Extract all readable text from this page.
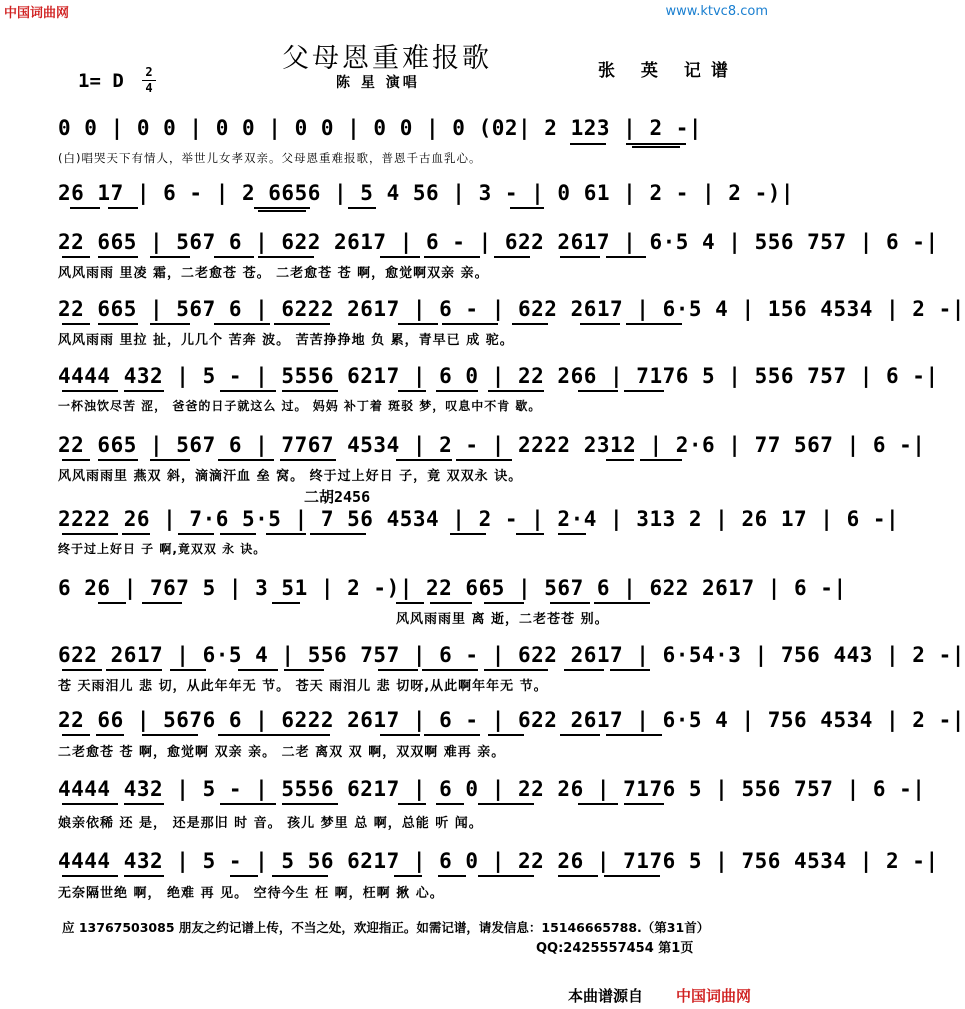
中国词曲网	www.ktvc8.com
父母恩重难报歌
陈 星 演唱
张 英 记谱
1= D 2
4
0 0 | 0 0 | 0 0 | 0 0 | 0 0 | 0 (02| 2 123 | 2 -|
(白)唱哭天下有情人，举世儿女孝双亲。父母恩重难报歌，普恩千古血乳心。
26 17 | 6 - | 2 6656 | 5 4 56 | 3 - | 0 61 | 2 - | 2 -)|
22 665 | 567 6 | 622 2617 | 6 - | 622 2617 | 6·5 4 | 556 757 | 6 -|
风风雨雨 里凌 霜，二老愈苍 苍。 二老愈苍 苍 啊，愈觉啊双亲 亲。
22 665 | 567 6 | 6222 2617 | 6 - | 622 2617 | 6·5 4 | 156 4534 | 2 -|
风风雨雨 里拉 扯，儿几个 苦奔 波。 苦苦挣挣地 负 累，青早已 成 驼。
4444 432 | 5 - | 5556 6217 | 6 0 | 22 266 | 7176 5 | 556 757 | 6 -|
一杯浊饮尽苦 涩， 爸爸的日子就这么 过。 妈妈 补丁着 斑驳 梦，叹息中不肯 歇。
22 665 | 567 6 | 7767 4534 | 2 - | 2222 2312 | 2·6 | 77 567 | 6 -|
风风雨雨里 燕双 斜，滴滴汗血 垒 窝。 终于过上好日 子，竟 双双永 诀。
二胡2456
2222 26 | 7·6 5·5 | 7 56 4534 | 2 - | 2·4 | 313 2 | 26 17 | 6 -|
终于过上好日 子 啊,竟双双 永 诀。
6 26 | 767 5 | 3 51 | 2 -)| 22 665 | 567 6 | 622 2617 | 6 -|
风风雨雨里 离 逝，二老苍苍 别。
622 2617 | 6·5 4 | 556 757 | 6 - | 622 2617 | 6·54·3 | 756 443 | 2 -|
苍 天雨泪儿 悲 切，从此年年无 节。 苍天 雨泪儿 悲 切呀,从此啊年年无 节。
22 66 | 5676 6 | 6222 2617 | 6 - | 622 2617 | 6·5 4 | 756 4534 | 2 -|
二老愈苍 苍 啊，愈觉啊 双亲 亲。 二老 离双 双 啊，双双啊 难再 亲。
4444 432 | 5 - | 5556 6217 | 6 0 | 22 26 | 7176 5 | 556 757 | 6 -|
娘亲依稀 还 是， 还是那旧 时 音。 孩儿 梦里 总 啊，总能 听 闻。
4444 432 | 5 - | 5 56 6217 | 6 0 | 22 26 | 7176 5 | 756 4534 | 2 -|
无奈隔世绝 啊， 绝难 再 见。 空待今生 枉 啊，枉啊 揪 心。
应 13767503085 朋友之约记谱上传，不当之处，欢迎指正。如需记谱，请发信息：15146665788.（第31首）
QQ:2425557454 第1页
本曲谱源自 中国词曲网
